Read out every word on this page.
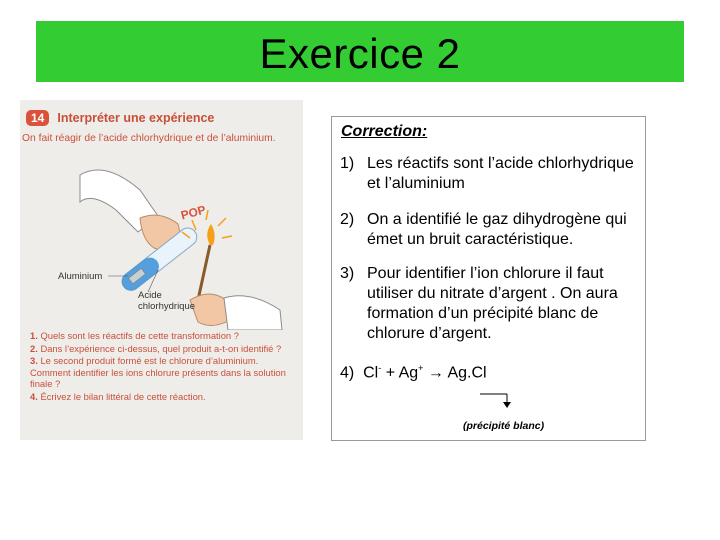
Exercice 2
14 Interpréter une expérience
On fait réagir de l’acide chlorhydrique et de l’aluminium.
POP
Aluminium
Acide
chlorhydrique
1. Quels sont les réactifs de cette transformation ?
2. Dans l’expérience ci-dessus, quel produit a-t-on identifié ?
3. Le second produit formé est le chlorure d’aluminium. Comment identifier les ions chlorure présents dans la solution finale ?
4. Écrivez le bilan littéral de cette réaction.
Correction:
1) Les réactifs sont l’acide chlorhydrique et l’aluminium
2) On a identifié le gaz dihydrogène qui émet un bruit caractéristique.
3) Pour identifier l’ion chlorure il faut utiliser du nitrate d’argent . On aura formation d’un précipité blanc de chlorure d’argent.
4) Cl- + Ag+ → Ag.Cl
(précipité blanc)
